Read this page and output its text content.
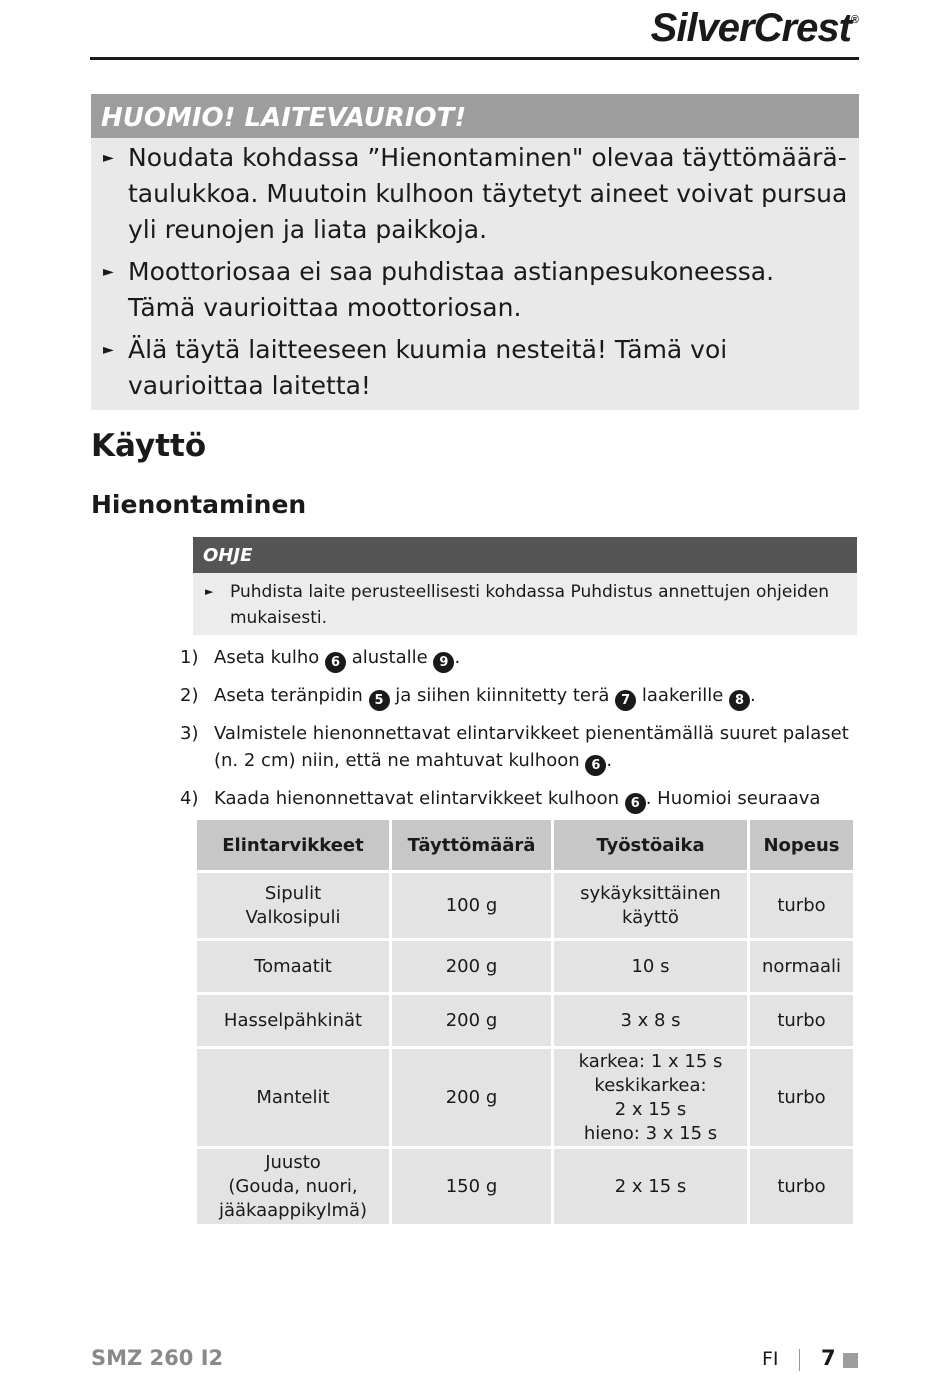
SilverCrest®
HUOMIO! LAITEVAURIOT!
► Noudata kohdassa ”Hienontaminen" olevaa täyttömäärä-taulukkoa. Muutoin kulhoon täytetyt aineet voivat pursua yli reunojen ja liata paikkoja.
► Moottoriosaa ei saa puhdistaa astianpesukoneessa. Tämä vaurioittaa moottoriosan.
► Älä täytä laitteeseen kuumia nesteitä! Tämä voi vaurioittaa laitetta!
Käyttö
Hienontaminen
OHJE
► Puhdista laite perusteellisesti kohdassa Puhdistus annettujen ohjeiden mukaisesti.
1) Aseta kulho 6 alustalle 9 .
2) Aseta teränpidin 5 ja siihen kiinnitetty terä 7 laakerille 8 .
3) Valmistele hienonnettavat elintarvikkeet pienentämällä suuret palaset (n. 2 cm) niin, että ne mahtuvat kulhoon 6 .
4) Kaada hienonnettavat elintarvikkeet kulhoon 6 . Huomioi seuraava
Elintarvikkeet	Täyttömäärä	Työstöaika	Nopeus

Sipulit
Valkosipuli	100 g	sykäyksittäinen käyttö	turbo

Tomaatit	200 g	10 s	normaali

Hasselpähkinät	200 g	3 x 8 s	turbo

Mantelit	200 g	karkea: 1 x 15 s
keskikarkea:
2 x 15 s
hieno: 3 x 15 s	turbo

Juusto
(Gouda, nuori,
jääkaappikylmä)	150 g	2 x 15 s	turbo
SMZ 260 I2	FI 7
